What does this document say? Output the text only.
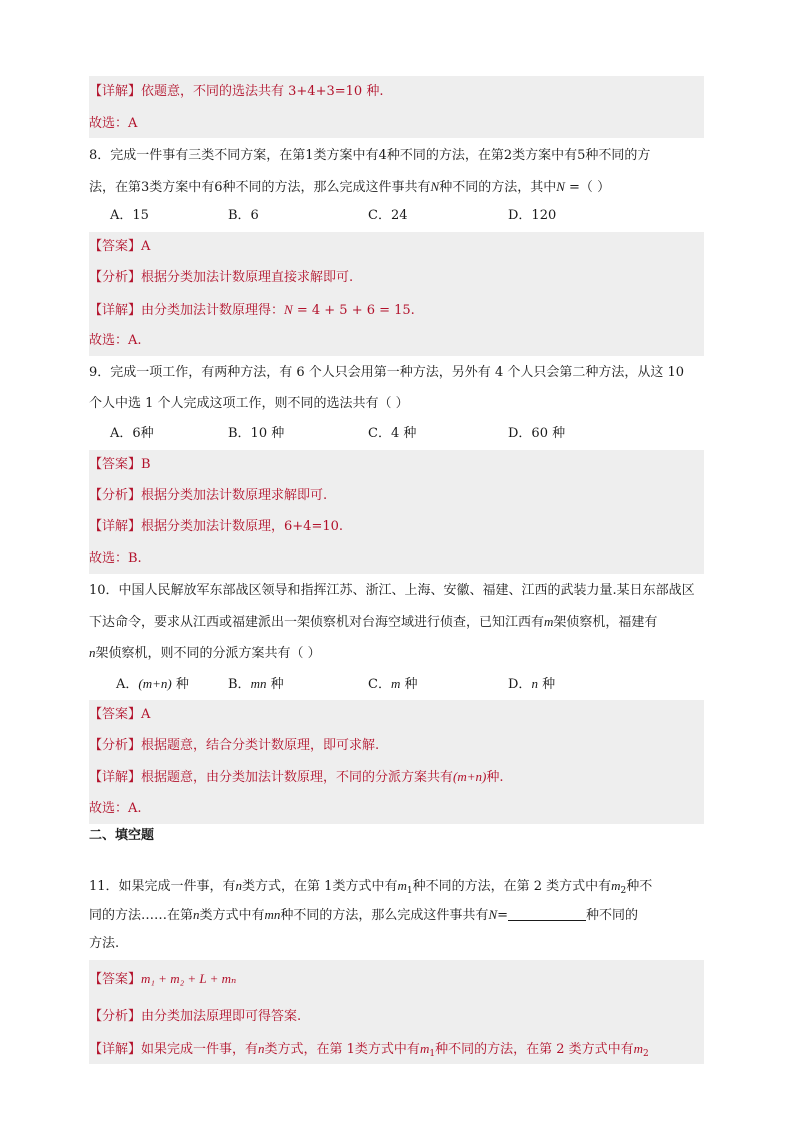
【详解】依题意，不同的选法共有 3+4+3=10 种.
故选：A
8．完成一件事有三类不同方案，在第1类方案中有4种不同的方法，在第2类方案中有5种不同的方
法，在第3类方案中有6种不同的方法，那么完成这件事共有N种不同的方法，其中N =（ ）
A．15	B．6	C．24	D．120
【答案】A
【分析】根据分类加法计数原理直接求解即可.
【详解】由分类加法计数原理得：N = 4 + 5 + 6 = 15.
故选：A.
9．完成一项工作，有两种方法，有 6 个人只会用第一种方法，另外有 4 个人只会第二种方法，从这 10
个人中选 1 个人完成这项工作，则不同的选法共有（ ）
A．6种	B．10 种	C．4 种	D．60 种
【答案】B
【分析】根据分类加法计数原理求解即可.
【详解】根据分类加法计数原理，6+4=10.
故选：B.
10．中国人民解放军东部战区领导和指挥江苏、浙江、上海、安徽、福建、江西的武装力量.某日东部战区
下达命令，要求从江西或福建派出一架侦察机对台海空域进行侦查，已知江西有m架侦察机，福建有
n架侦察机，则不同的分派方案共有（ ）
A．(m+n) 种	B．mn 种	C．m 种	D．n 种
【答案】A
【分析】根据题意，结合分类计数原理，即可求解.
【详解】根据题意，由分类加法计数原理，不同的分派方案共有(m+n)种.
故选：A.
二、填空题
11．如果完成一件事，有n类方式，在第 1类方式中有$m_1$种不同的方法，在第 2 类方式中有$m_2$种不
同的方法……在第n类方式中有mn种不同的方法，那么完成这件事共有N=	种不同的
方法.
【答案】m₁ + m₂ + L + mₙ
【分析】由分类加法原理即可得答案.
【详解】如果完成一件事，有n类方式，在第 1类方式中有$m_1$种不同的方法，在第 2 类方式中有$m_2$
